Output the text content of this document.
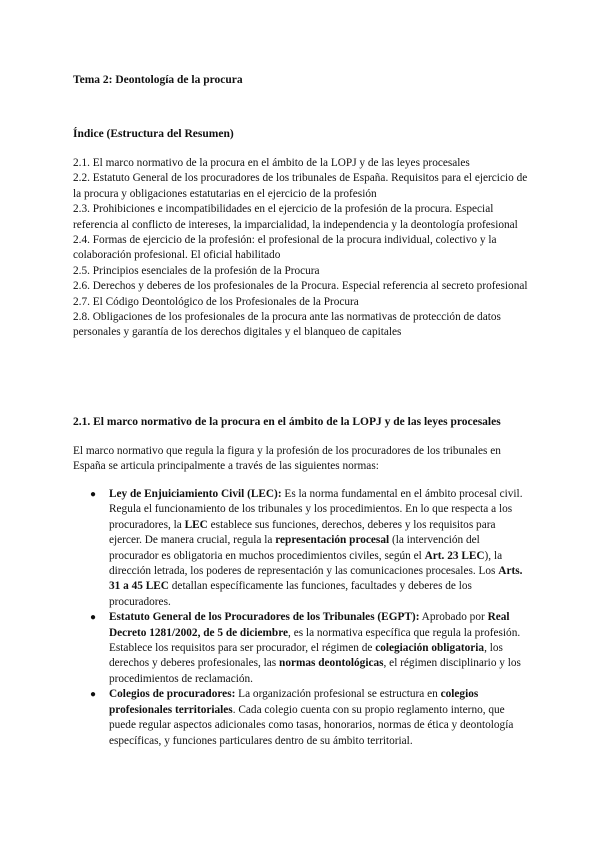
Tema 2: Deontología de la procura
Índice (Estructura del Resumen)
2.1. El marco normativo de la procura en el ámbito de la LOPJ y de las leyes procesales
2.2. Estatuto General de los procuradores de los tribunales de España. Requisitos para el ejercicio de la procura y obligaciones estatutarias en el ejercicio de la profesión
2.3. Prohibiciones e incompatibilidades en el ejercicio de la profesión de la procura. Especial referencia al conflicto de intereses, la imparcialidad, la independencia y la deontología profesional
2.4. Formas de ejercicio de la profesión: el profesional de la procura individual, colectivo y la colaboración profesional. El oficial habilitado
2.5. Principios esenciales de la profesión de la Procura
2.6. Derechos y deberes de los profesionales de la Procura. Especial referencia al secreto profesional
2.7. El Código Deontológico de los Profesionales de la Procura
2.8. Obligaciones de los profesionales de la procura ante las normativas de protección de datos personales y garantía de los derechos digitales y el blanqueo de capitales
2.1. El marco normativo de la procura en el ámbito de la LOPJ y de las leyes procesales

El marco normativo que regula la figura y la profesión de los procuradores de los tribunales en España se articula principalmente a través de las siguientes normas:

● Ley de Enjuiciamiento Civil (LEC): Es la norma fundamental en el ámbito procesal civil. Regula el funcionamiento de los tribunales y los procedimientos. En lo que respecta a los procuradores, la LEC establece sus funciones, derechos, deberes y los requisitos para ejercer. De manera crucial, regula la representación procesal (la intervención del procurador es obligatoria en muchos procedimientos civiles, según el Art. 23 LEC), la dirección letrada, los poderes de representación y las comunicaciones procesales. Los Arts. 31 a 45 LEC detallan específicamente las funciones, facultades y deberes de los procuradores.
● Estatuto General de los Procuradores de los Tribunales (EGPT): Aprobado por Real Decreto 1281/2002, de 5 de diciembre, es la normativa específica que regula la profesión. Establece los requisitos para ser procurador, el régimen de colegiación obligatoria, los derechos y deberes profesionales, las normas deontológicas, el régimen disciplinario y los procedimientos de reclamación.
● Colegios de procuradores: La organización profesional se estructura en colegios profesionales territoriales. Cada colegio cuenta con su propio reglamento interno, que puede regular aspectos adicionales como tasas, honorarios, normas de ética y deontología específicas, y funciones particulares dentro de su ámbito territorial.
